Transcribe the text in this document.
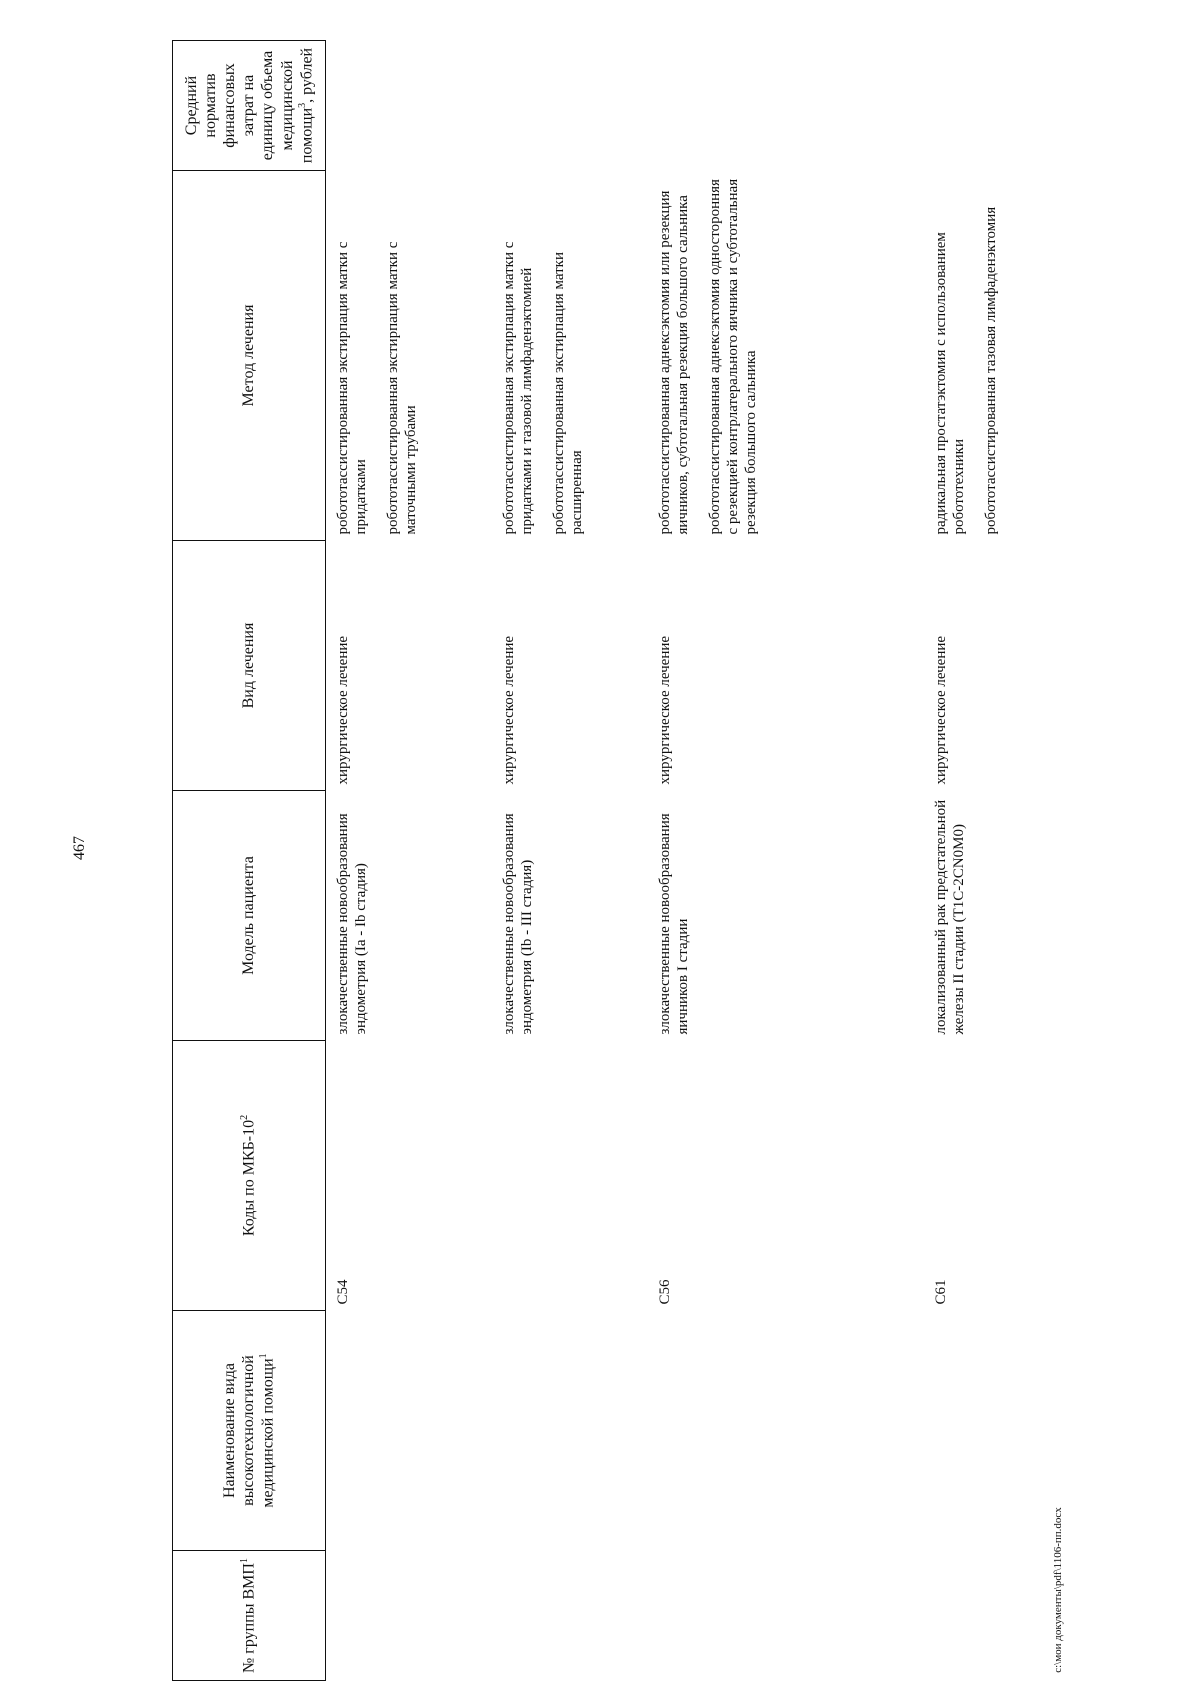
467
№ группы ВМП$^1$	Наименование вида высокотехнологичной медицинской помощи$^1$	Коды по МКБ-$10^2$	Модель пациента	Вид лечения	Метод лечения	Средний норматив финансовых затрат на единицу объема медицинской помощи$^3$, рублей
		C54	злокачественные новообразования эндометрия (Ia - Ib стадия)	хирургическое лечение	робототассистированная экстирпация матки с придатками робототассистированная экстирпация матки с маточными трубами	

			злокачественные новообразования эндометрия (Ib - III стадия)	хирургическое лечение	робототассистированная экстирпация матки с придатками и тазовой лимфаденэктомией робототассистированная экстирпация матки расширенная	

		C56	злокачественные новообразования яичников I стадии	хирургическое лечение	робототассистированная аднексэктомия или резекция яичников, субтотальная резекция большого сальника робототассистированная аднексэктомия односторонняя с резекцией контрлатерального яичника и субтотальная резекция большого сальника	

		C61	локализованный рак предстательной железы II стадии (T1C-2CN0M0)	хирургическое лечение	радикальная простатэктомия с использованием робототехники робототассистированная тазовая лимфаденэктомия	

c:\мои документы\pdf\1106-пп.docx
